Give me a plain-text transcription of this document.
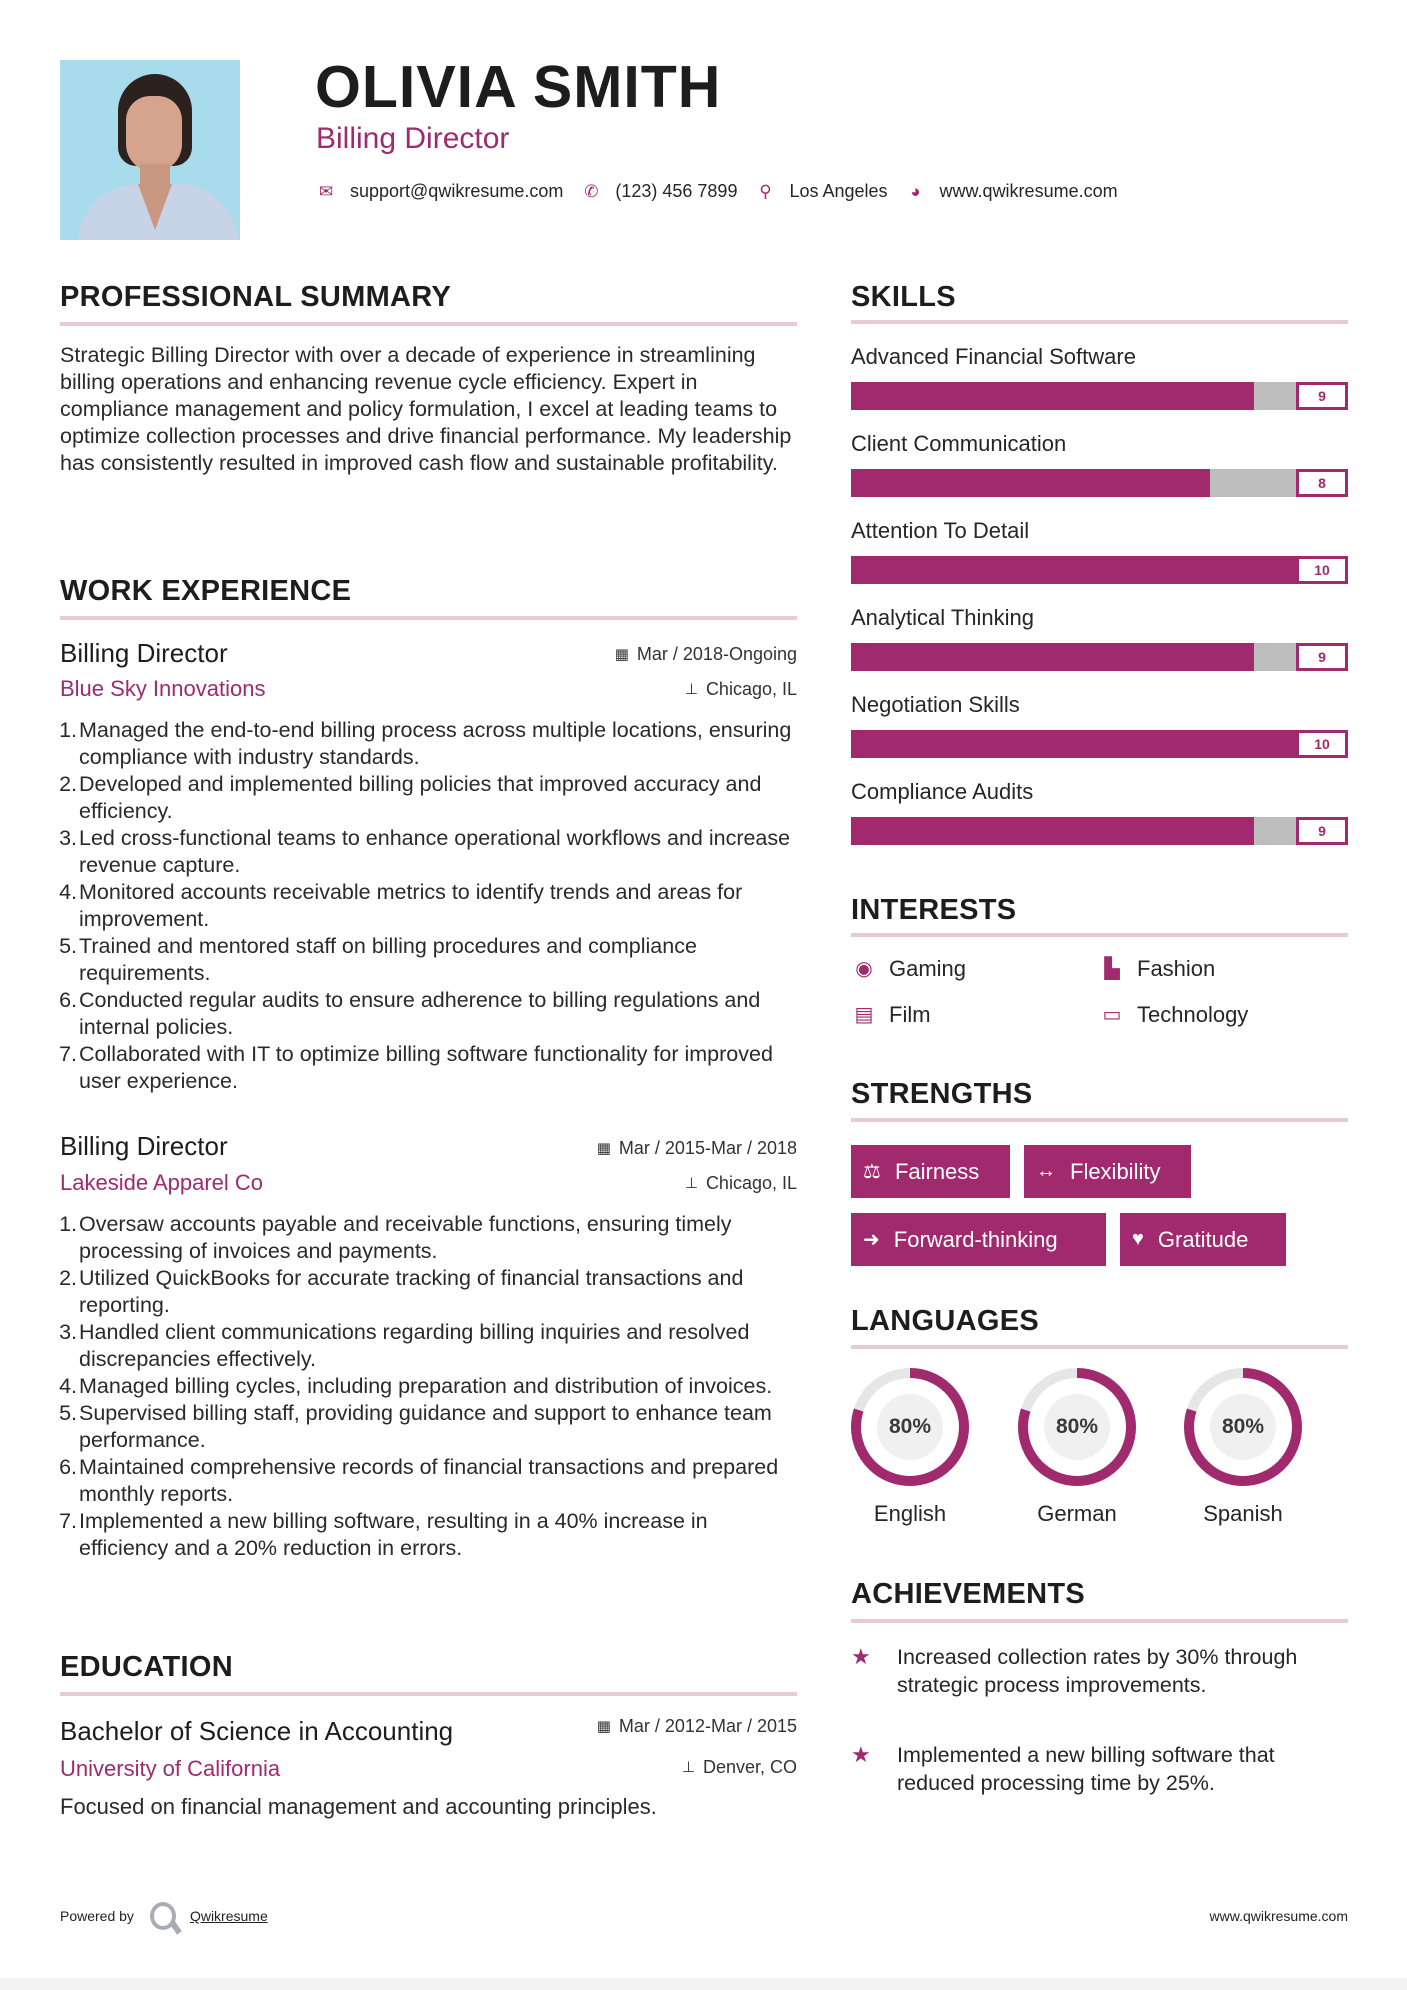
OLIVIA SMITH
Billing Director
✉ support@qwikresume.com ✆ (123) 456 7899 ⚲ Los Angeles ◕ www.qwikresume.com
PROFESSIONAL SUMMARY
Strategic Billing Director with over a decade of experience in streamlining billing operations and enhancing revenue cycle efficiency. Expert in compliance management and policy formulation, I excel at leading teams to optimize collection processes and drive financial performance. My leadership has consistently resulted in improved cash flow and sustainable profitability.
WORK EXPERIENCE
Billing Director	▦ Mar / 2018-Ongoing
Blue Sky Innovations	⊥ Chicago, IL
1. Managed the end-to-end billing process across multiple locations, ensuring compliance with industry standards.
2. Developed and implemented billing policies that improved accuracy and efficiency.
3. Led cross-functional teams to enhance operational workflows and increase revenue capture.
4. Monitored accounts receivable metrics to identify trends and areas for improvement.
5. Trained and mentored staff on billing procedures and compliance requirements.
6. Conducted regular audits to ensure adherence to billing regulations and internal policies.
7. Collaborated with IT to optimize billing software functionality for improved user experience.
Billing Director	▦ Mar / 2015-Mar / 2018
Lakeside Apparel Co	⊥ Chicago, IL
1. Oversaw accounts payable and receivable functions, ensuring timely processing of invoices and payments.
2. Utilized QuickBooks for accurate tracking of financial transactions and reporting.
3. Handled client communications regarding billing inquiries and resolved discrepancies effectively.
4. Managed billing cycles, including preparation and distribution of invoices.
5. Supervised billing staff, providing guidance and support to enhance team performance.
6. Maintained comprehensive records of financial transactions and prepared monthly reports.
7. Implemented a new billing software, resulting in a 40% increase in efficiency and a 20% reduction in errors.
EDUCATION
Bachelor of Science in Accounting	▦ Mar / 2012-Mar / 2015
University of California	⊥ Denver, CO
Focused on financial management and accounting principles.
SKILLS
Advanced Financial Software
9
Client Communication
8
Attention To Detail
10
Analytical Thinking
9
Negotiation Skills
10
Compliance Audits
9
INTERESTS
◉ Gaming	▙ Fashion
▤ Film	▭ Technology
STRENGTHS
⚖ Fairness	↔ Flexibility
➜ Forward-thinking	♥ Gratitude
LANGUAGES
80%
English
80%
German
80%
Spanish
ACHIEVEMENTS
★	Increased collection rates by 30% through strategic process improvements.
★	Implemented a new billing software that reduced processing time by 25%.
Powered by	Qwikresume	www.qwikresume.com
